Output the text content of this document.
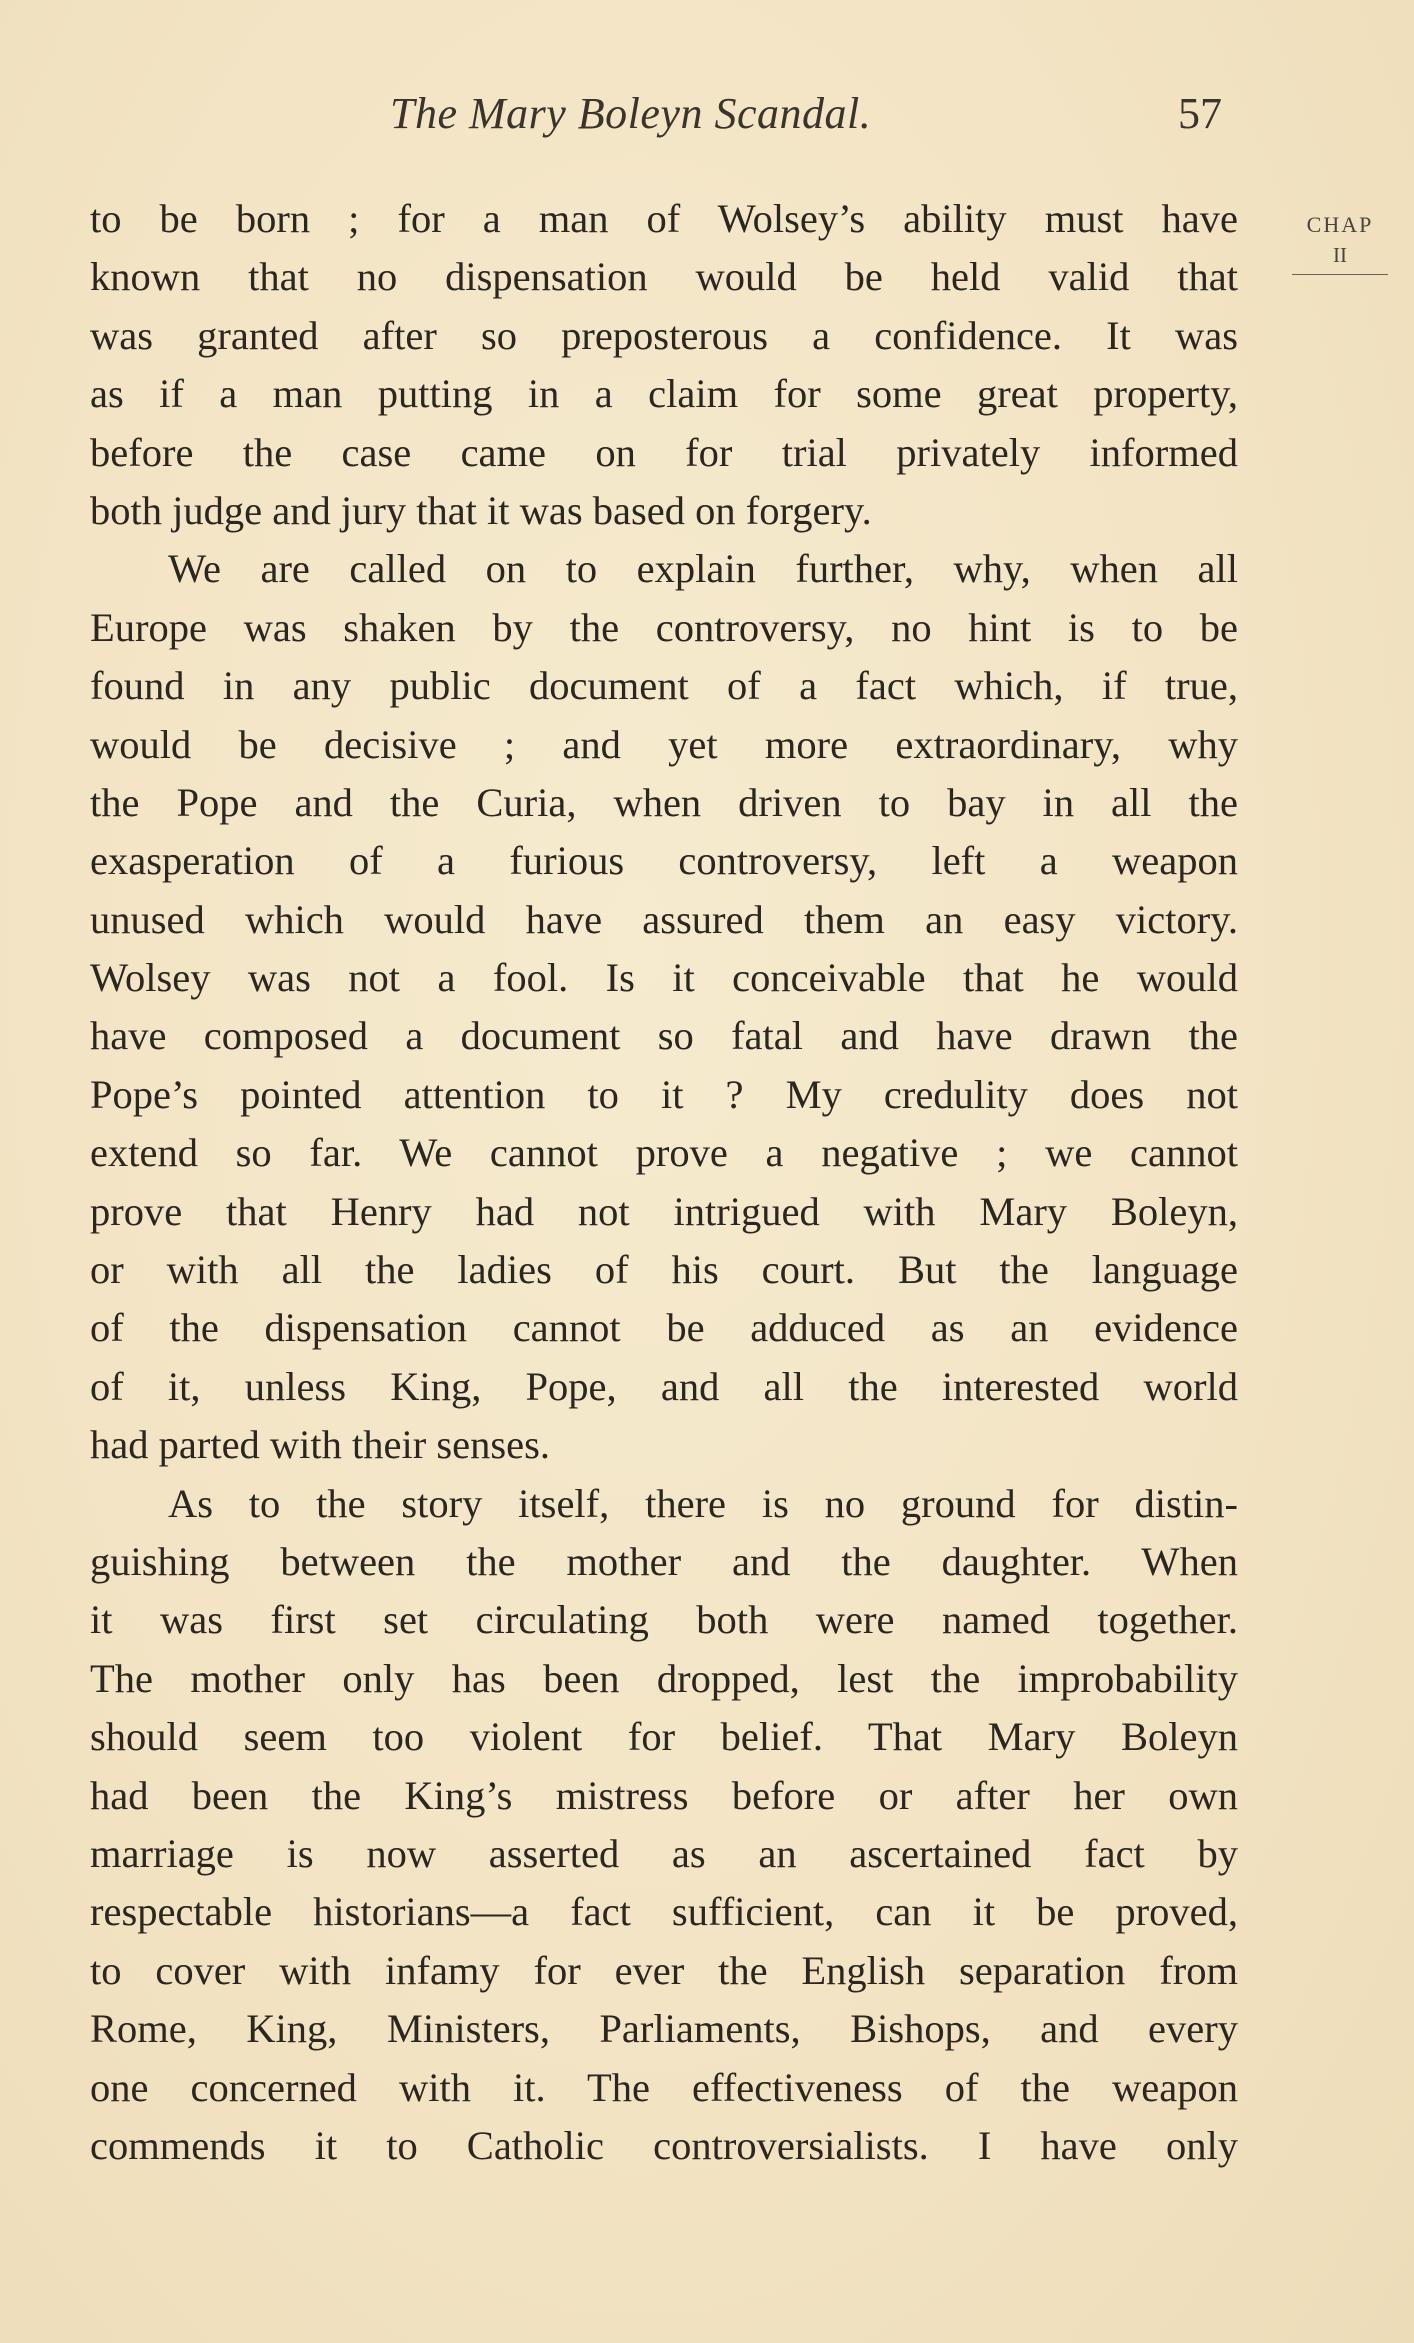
The Mary Boleyn Scandal.	57
CHAP
II
to be born ; for a man of Wolsey’s ability must have
known that no dispensation would be held valid that
was granted after so preposterous a confidence. It was
as if a man putting in a claim for some great property,
before the case came on for trial privately informed
both judge and jury that it was based on forgery.
We are called on to explain further, why, when all
Europe was shaken by the controversy, no hint is to be
found in any public document of a fact which, if true,
would be decisive ; and yet more extraordinary, why
the Pope and the Curia, when driven to bay in all the
exasperation of a furious controversy, left a weapon
unused which would have assured them an easy victory.
Wolsey was not a fool. Is it conceivable that he would
have composed a document so fatal and have drawn the
Pope’s pointed attention to it ? My credulity does not
extend so far. We cannot prove a negative ; we cannot
prove that Henry had not intrigued with Mary Boleyn,
or with all the ladies of his court. But the language
of the dispensation cannot be adduced as an evidence
of it, unless King, Pope, and all the interested world
had parted with their senses.
As to the story itself, there is no ground for distin-
guishing between the mother and the daughter. When
it was first set circulating both were named together.
The mother only has been dropped, lest the improbability
should seem too violent for belief. That Mary Boleyn
had been the King’s mistress before or after her own
marriage is now asserted as an ascertained fact by
respectable historians—a fact sufficient, can it be proved,
to cover with infamy for ever the English separation from
Rome, King, Ministers, Parliaments, Bishops, and every
one concerned with it. The effectiveness of the weapon
commends it to Catholic controversialists. I have only
